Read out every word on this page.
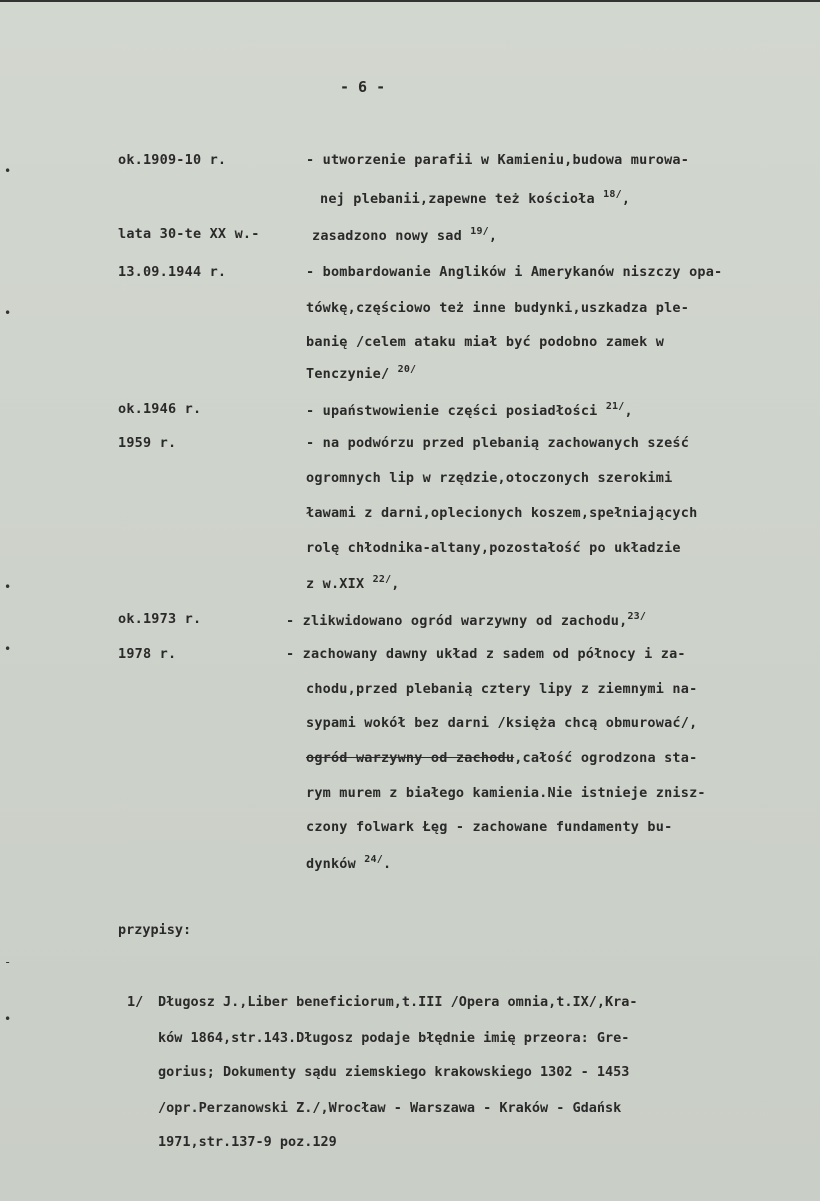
•
•
•
•
-
•
- 6 -
ok.1909-10 r.	- utworzenie parafii w Kamieniu,budowa murowa-
nej plebanii,zapewne też kościoła $^{18/}$,
lata 30-te XX w.-	zasadzono nowy sad $^{19/}$,
13.09.1944 r.	- bombardowanie Anglików i Amerykanów niszczy opa-
tówkę,częściowo też inne budynki,uszkadza ple-
banię /celem ataku miał być podobno zamek w
Tenczynie/ $^{20/}$
ok.1946 r.	- upaństwowienie części posiadłości $^{21/}$,
1959 r.	- na podwórzu przed plebanią zachowanych sześć
ogromnych lip w rzędzie,otoczonych szerokimi
ławami z darni,oplecionych koszem,spełniających
rolę chłodnika-altany,pozostałość po układzie
z w.XIX $^{22/}$,
ok.1973 r.	- zlikwidowano ogród warzywny od zachodu,$^{23/}$
1978 r.	- zachowany dawny układ z sadem od północy i za-
chodu,przed plebanią cztery lipy z ziemnymi na-
sypami wokół bez darni /księża chcą obmurować/,
ogród warzywny od zachodu,całość ogrodzona sta-
rym murem z białego kamienia.Nie istnieje znisz-
czony folwark Łęg - zachowane fundamenty bu-
dynków $^{24/}$.
przypisy:
1/ Długosz J.,Liber beneficiorum,t.III /Opera omnia,t.IX/,Kra-
ków 1864,str.143.Długosz podaje błędnie imię przeora: Gre-
gorius; Dokumenty sądu ziemskiego krakowskiego 1302 - 1453
/opr.Perzanowski Z./,Wrocław - Warszawa - Kraków - Gdańsk
1971,str.137-9 poz.129
